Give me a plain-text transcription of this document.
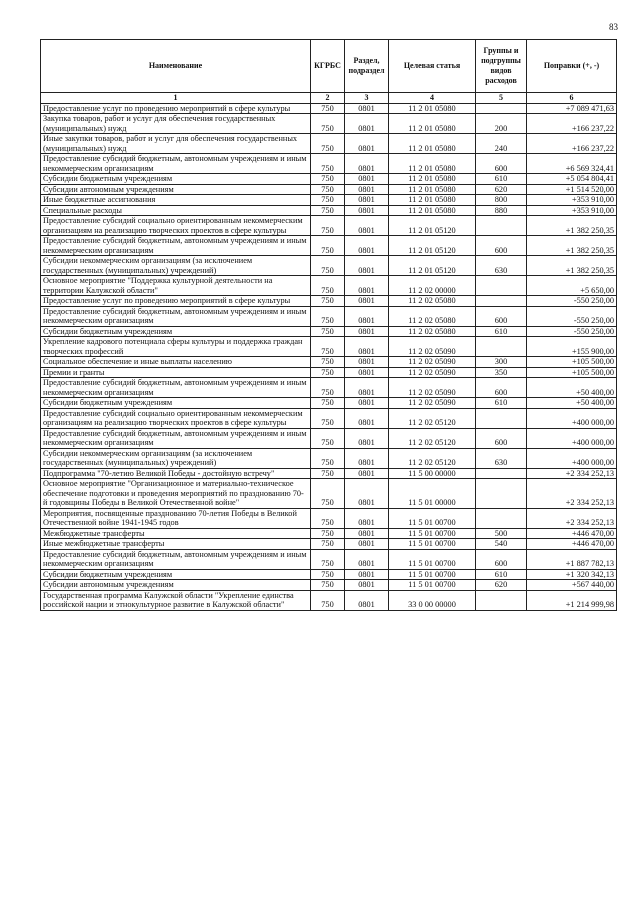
83
Наименование	КГРБС	Раздел, подраздел	Целевая статья	Группы и подгруппы видов расходов	Поправки (+, -)
1	2	3	4	5	6
Предоставление услуг по проведению мероприятий в сфере культуры	750	0801	11 2 01 05080		+7 089 471,63
Закупка товаров, работ и услуг для обеспечения государственных (муниципальных) нужд	750	0801	11 2 01 05080	200	+166 237,22
Иные закупки товаров, работ и услуг для обеспечения государственных (муниципальных) нужд	750	0801	11 2 01 05080	240	+166 237,22
Предоставление субсидий бюджетным, автономным учреждениям и иным некоммерческим организациям	750	0801	11 2 01 05080	600	+6 569 324,41
Субсидии бюджетным учреждениям	750	0801	11 2 01 05080	610	+5 054 804,41
Субсидии автономным учреждениям	750	0801	11 2 01 05080	620	+1 514 520,00
Иные бюджетные ассигнования	750	0801	11 2 01 05080	800	+353 910,00
Специальные расходы	750	0801	11 2 01 05080	880	+353 910,00
Предоставление субсидий социально ориентированным некоммерческим организациям на реализацию творческих проектов в сфере культуры	750	0801	11 2 01 05120		+1 382 250,35
Предоставление субсидий бюджетным, автономным учреждениям и иным некоммерческим организациям	750	0801	11 2 01 05120	600	+1 382 250,35
Субсидии некоммерческим организациям (за исключением государственных (муниципальных) учреждений)	750	0801	11 2 01 05120	630	+1 382 250,35
Основное мероприятие "Поддержка культурной деятельности на территории Калужской области"	750	0801	11 2 02 00000		+5 650,00
Предоставление услуг по проведению мероприятий в сфере культуры	750	0801	11 2 02 05080		-550 250,00
Предоставление субсидий бюджетным, автономным учреждениям и иным некоммерческим организациям	750	0801	11 2 02 05080	600	-550 250,00
Субсидии бюджетным учреждениям	750	0801	11 2 02 05080	610	-550 250,00
Укрепление кадрового потенциала сферы культуры и поддержка граждан творческих профессий	750	0801	11 2 02 05090		+155 900,00
Социальное обеспечение и иные выплаты населению	750	0801	11 2 02 05090	300	+105 500,00
Премии и гранты	750	0801	11 2 02 05090	350	+105 500,00
Предоставление субсидий бюджетным, автономным учреждениям и иным некоммерческим организациям	750	0801	11 2 02 05090	600	+50 400,00
Субсидии бюджетным учреждениям	750	0801	11 2 02 05090	610	+50 400,00
Предоставление субсидий социально ориентированным некоммерческим организациям на реализацию творческих проектов в сфере культуры	750	0801	11 2 02 05120		+400 000,00
Предоставление субсидий бюджетным, автономным учреждениям и иным некоммерческим организациям	750	0801	11 2 02 05120	600	+400 000,00
Субсидии некоммерческим организациям (за исключением государственных (муниципальных) учреждений)	750	0801	11 2 02 05120	630	+400 000,00
Подпрограмма "70-летию Великой Победы - достойную встречу"	750	0801	11 5 00 00000		+2 334 252,13
Основное мероприятие "Организационное и материально-техническое обеспечение подготовки и проведения мероприятий по празднованию 70-й годовщины Победы в Великой Отечественной войне"	750	0801	11 5 01 00000		+2 334 252,13
Мероприятия, посвященные празднованию 70-летия Победы в Великой Отечественной войне 1941-1945 годов	750	0801	11 5 01 00700		+2 334 252,13
Межбюджетные трансферты	750	0801	11 5 01 00700	500	+446 470,00
Иные межбюджетные трансферты	750	0801	11 5 01 00700	540	+446 470,00
Предоставление субсидий бюджетным, автономным учреждениям и иным некоммерческим организациям	750	0801	11 5 01 00700	600	+1 887 782,13
Субсидии бюджетным учреждениям	750	0801	11 5 01 00700	610	+1 320 342,13
Субсидии автономным учреждениям	750	0801	11 5 01 00700	620	+567 440,00
Государственная программа Калужской области "Укрепление единства российской нации и этнокультурное развитие в Калужской области"	750	0801	33 0 00 00000		+1 214 999,98
